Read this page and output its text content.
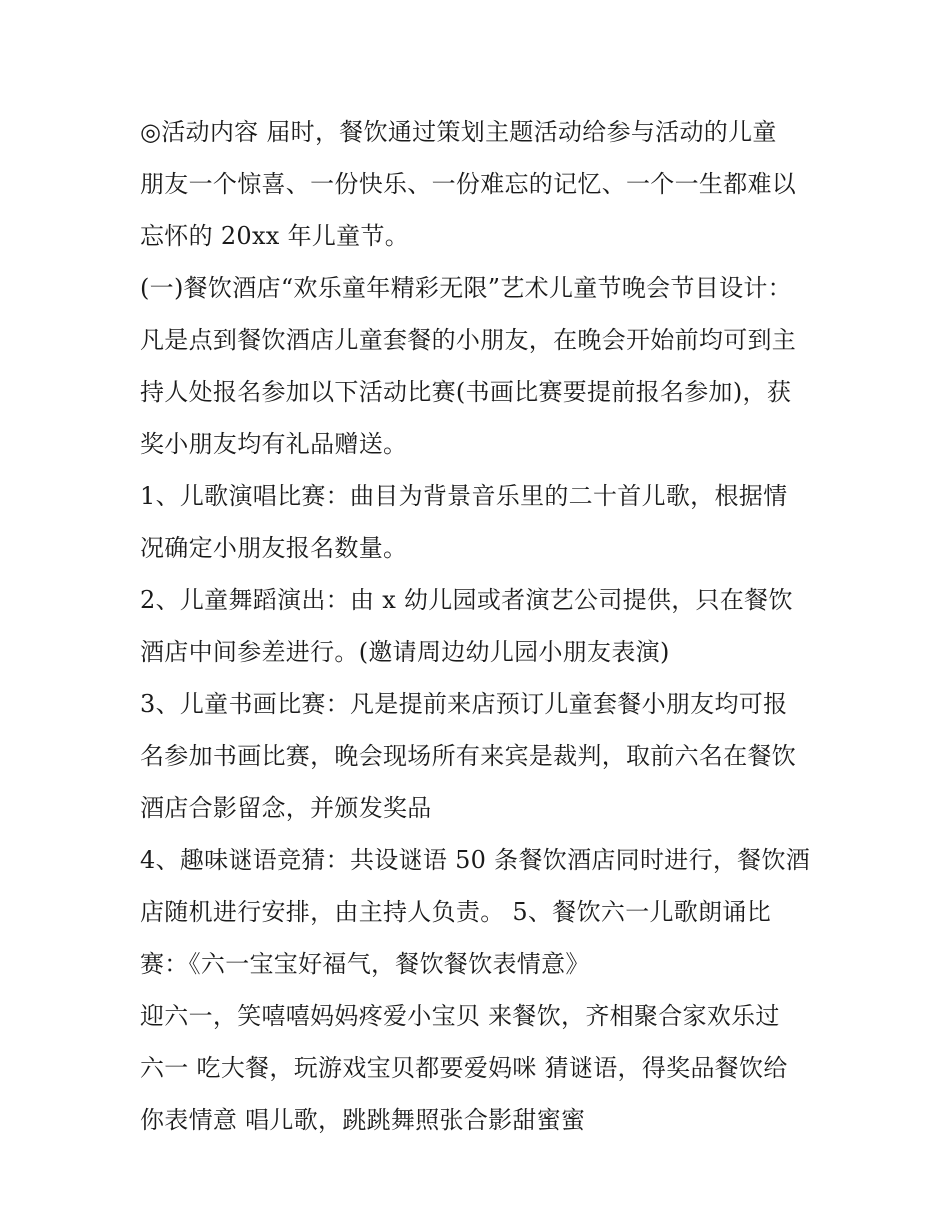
◎活动内容 届时，餐饮通过策划主题活动给参与活动的儿童
朋友一个惊喜、一份快乐、一份难忘的记忆、一个一生都难以
忘怀的 20xx 年儿童节。
(一)餐饮酒店“欢乐童年精彩无限”艺术儿童节晚会节目设计：
凡是点到餐饮酒店儿童套餐的小朋友，在晚会开始前均可到主
持人处报名参加以下活动比赛(书画比赛要提前报名参加)，获
奖小朋友均有礼品赠送。
1、儿歌演唱比赛：曲目为背景音乐里的二十首儿歌，根据情
况确定小朋友报名数量。
2、儿童舞蹈演出：由 x 幼儿园或者演艺公司提供，只在餐饮
酒店中间参差进行。(邀请周边幼儿园小朋友表演)
3、儿童书画比赛：凡是提前来店预订儿童套餐小朋友均可报
名参加书画比赛，晚会现场所有来宾是裁判，取前六名在餐饮
酒店合影留念，并颁发奖品
4、趣味谜语竞猜：共设谜语 50 条餐饮酒店同时进行，餐饮酒
店随机进行安排，由主持人负责。 5、餐饮六一儿歌朗诵比
赛：《六一宝宝好福气，餐饮餐饮表情意》
迎六一，笑嘻嘻妈妈疼爱小宝贝 来餐饮，齐相聚合家欢乐过
六一 吃大餐，玩游戏宝贝都要爱妈咪 猜谜语，得奖品餐饮给
你表情意 唱儿歌，跳跳舞照张合影甜蜜蜜
